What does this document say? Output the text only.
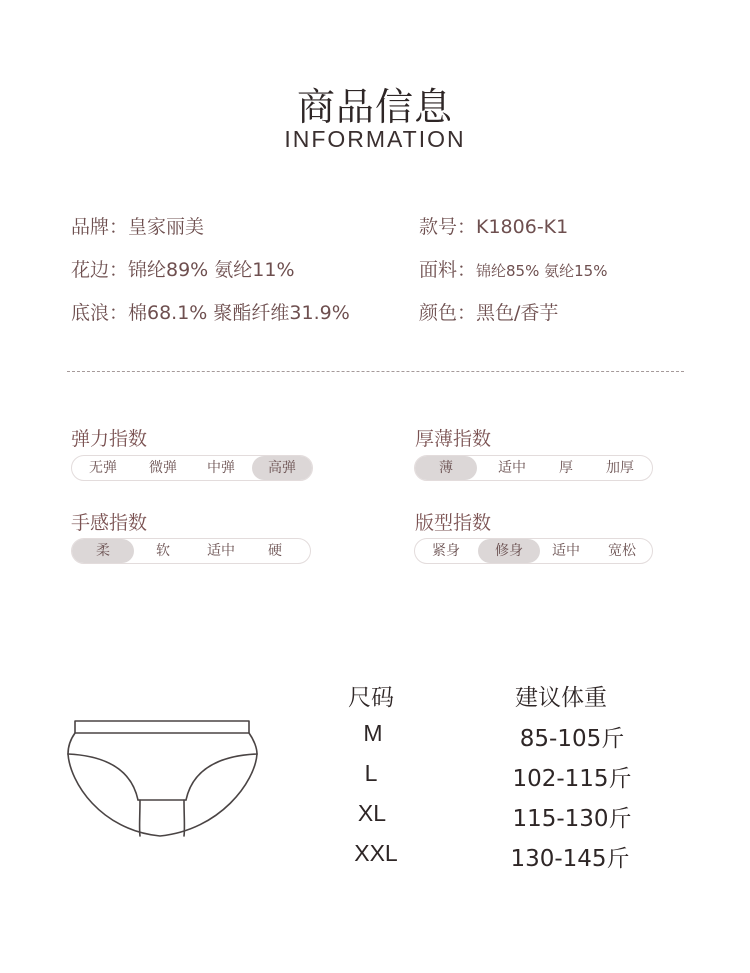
商品信息
INFORMATION
品牌：皇家丽美	款号：K1806-K1
花边：锦纶89% 氨纶11%	面料：锦纶85% 氨纶15%
底浪：棉68.1% 聚酯纤维31.9%	颜色：黑色/香芋
弹力指数
无弹	微弹	中弹	高弹
厚薄指数
薄	适中	厚	加厚
手感指数
柔	软	适中	硬
版型指数
紧身	修身	适中	宽松
尺码	建议体重
M	85-105斤
L	102-115斤
XL	115-130斤
XXL	130-145斤
